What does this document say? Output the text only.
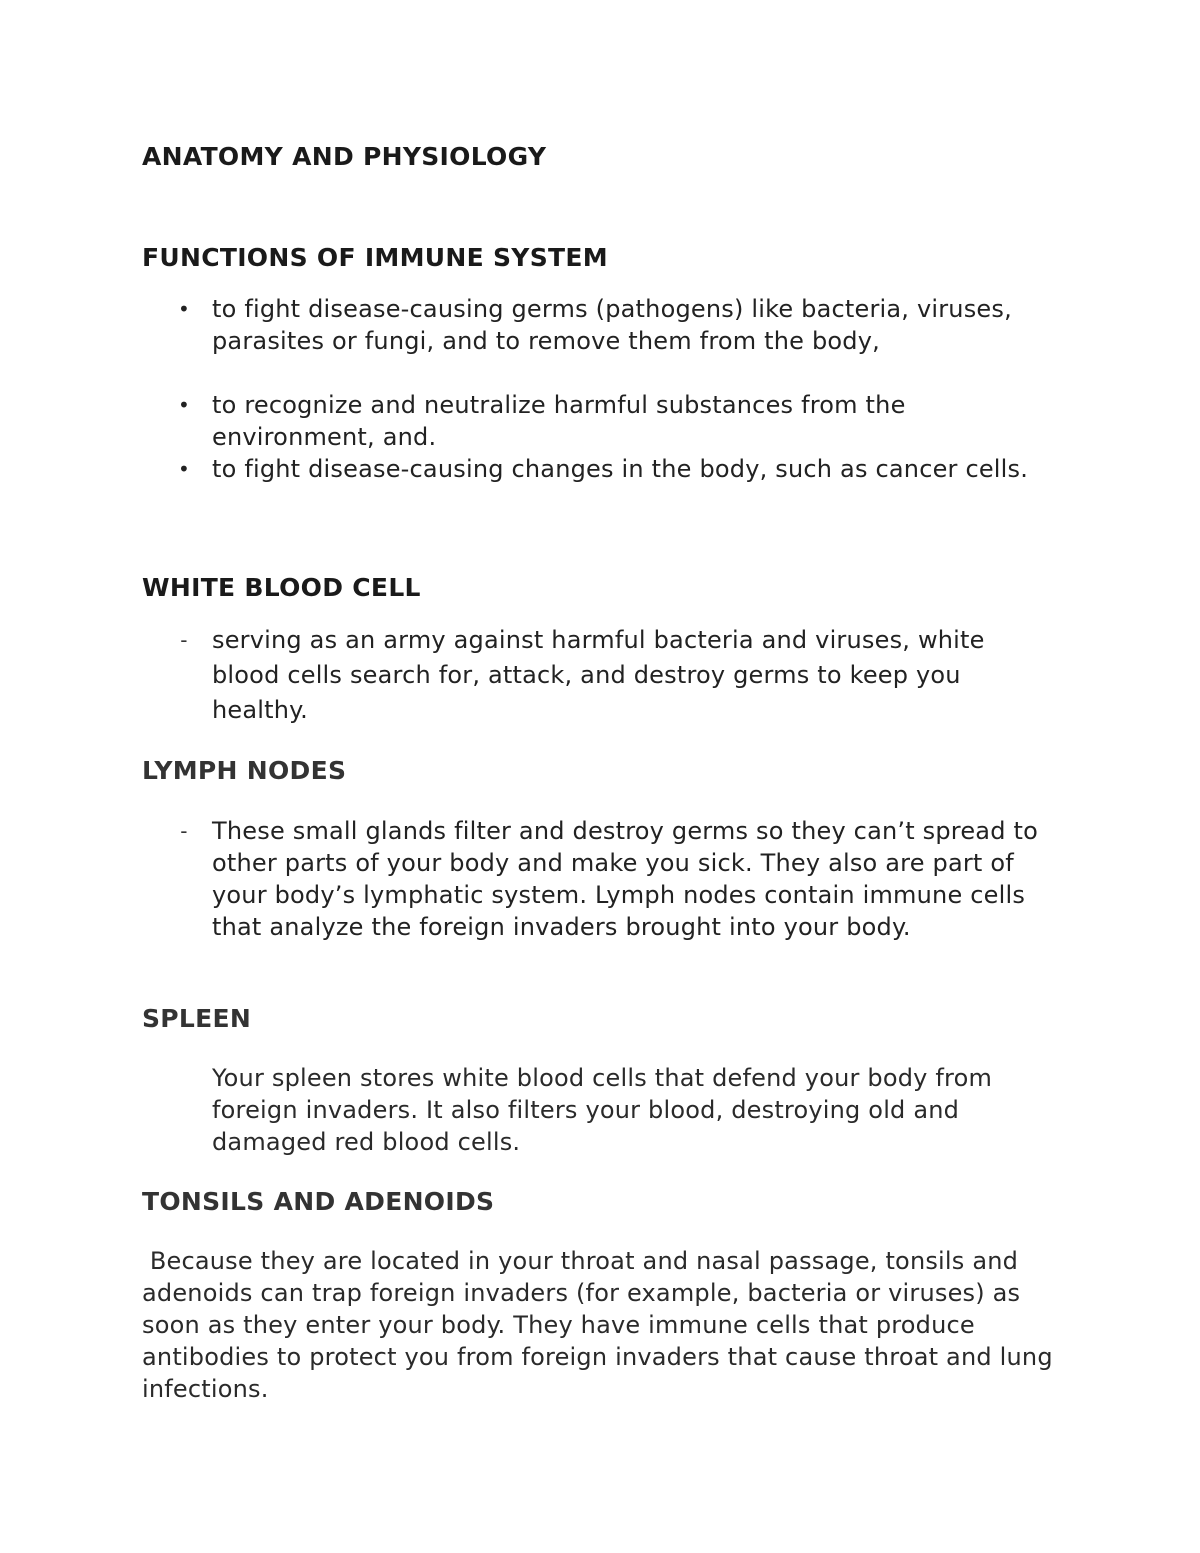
ANATOMY AND PHYSIOLOGY
FUNCTIONS OF IMMUNE SYSTEM
• to fight disease-causing germs (pathogens) like bacteria, viruses, parasites or fungi, and to remove them from the body,
• to recognize and neutralize harmful substances from the environment, and.
• to fight disease-causing changes in the body, such as cancer cells.
WHITE BLOOD CELL
- serving as an army against harmful bacteria and viruses, white blood cells search for, attack, and destroy germs to keep you healthy.
LYMPH NODES
- These small glands filter and destroy germs so they can’t spread to other parts of your body and make you sick. They also are part of your body’s lymphatic system. Lymph nodes contain immune cells that analyze the foreign invaders brought into your body.
SPLEEN

Your spleen stores white blood cells that defend your body from foreign invaders. It also filters your blood, destroying old and damaged red blood cells.

TONSILS AND ADENOIDS

Because they are located in your throat and nasal passage, tonsils and adenoids can trap foreign invaders (for example, bacteria or viruses) as soon as they enter your body. They have immune cells that produce antibodies to protect you from foreign invaders that cause throat and lung infections.
